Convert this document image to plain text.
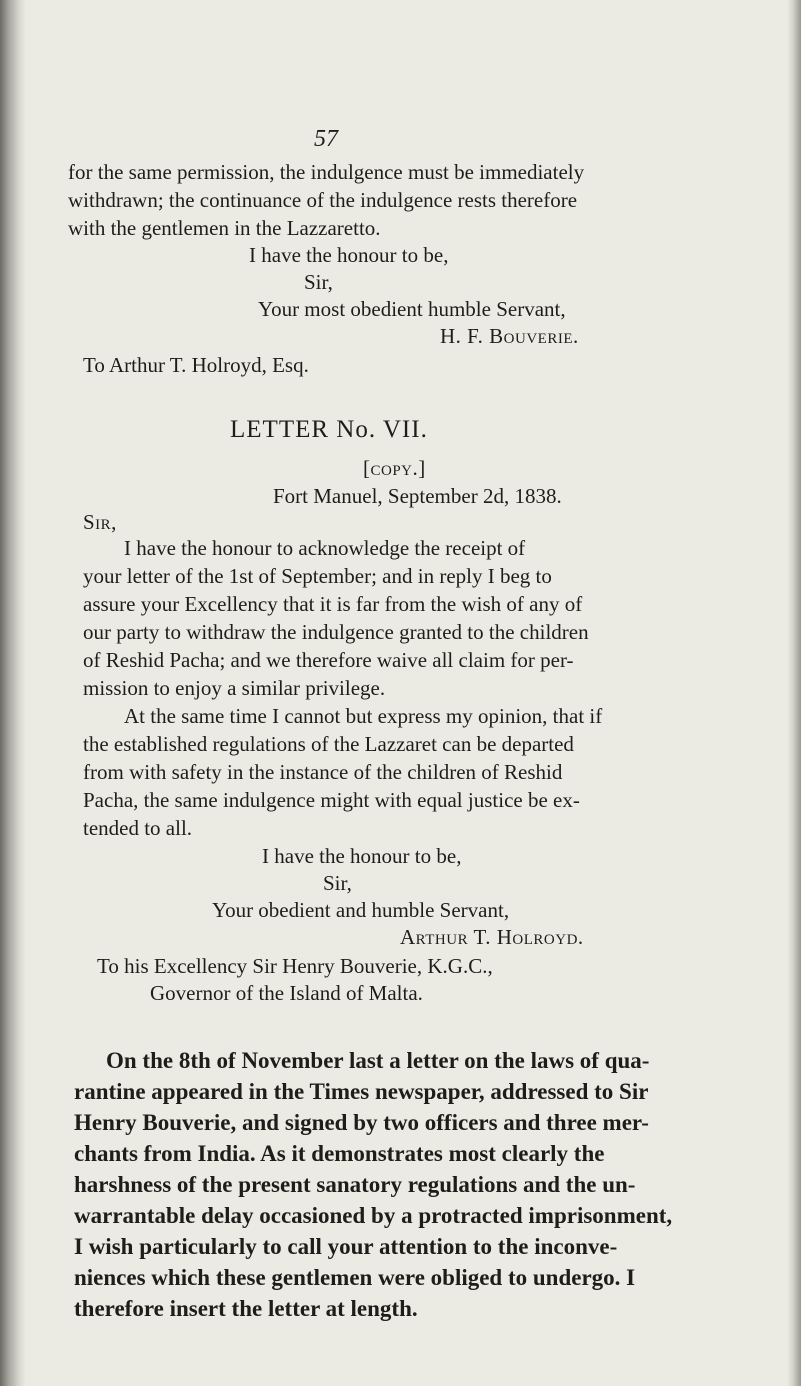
57
for the same permission, the indulgence must be immediately
withdrawn; the continuance of the indulgence rests therefore
with the gentlemen in the Lazzaretto.
I have the honour to be,
Sir,
Your most obedient humble Servant,
H. F. Bouverie.
To Arthur T. Holroyd, Esq.
LETTER No. VII.
[copy.]
Fort Manuel, September 2d, 1838.
Sir,
I have the honour to acknowledge the receipt of
your letter of the 1st of September; and in reply I beg to
assure your Excellency that it is far from the wish of any of
our party to withdraw the indulgence granted to the children
of Reshid Pacha; and we therefore waive all claim for per-
mission to enjoy a similar privilege.
At the same time I cannot but express my opinion, that if
the established regulations of the Lazzaret can be departed
from with safety in the instance of the children of Reshid
Pacha, the same indulgence might with equal justice be ex-
tended to all.
I have the honour to be,
Sir,
Your obedient and humble Servant,
Arthur T. Holroyd.
To his Excellency Sir Henry Bouverie, K.G.C.,
Governor of the Island of Malta.
On the 8th of November last a letter on the laws of qua-
rantine appeared in the Times newspaper, addressed to Sir
Henry Bouverie, and signed by two officers and three mer-
chants from India. As it demonstrates most clearly the
harshness of the present sanatory regulations and the un-
warrantable delay occasioned by a protracted imprisonment,
I wish particularly to call your attention to the inconve-
niences which these gentlemen were obliged to undergo. I
therefore insert the letter at length.
